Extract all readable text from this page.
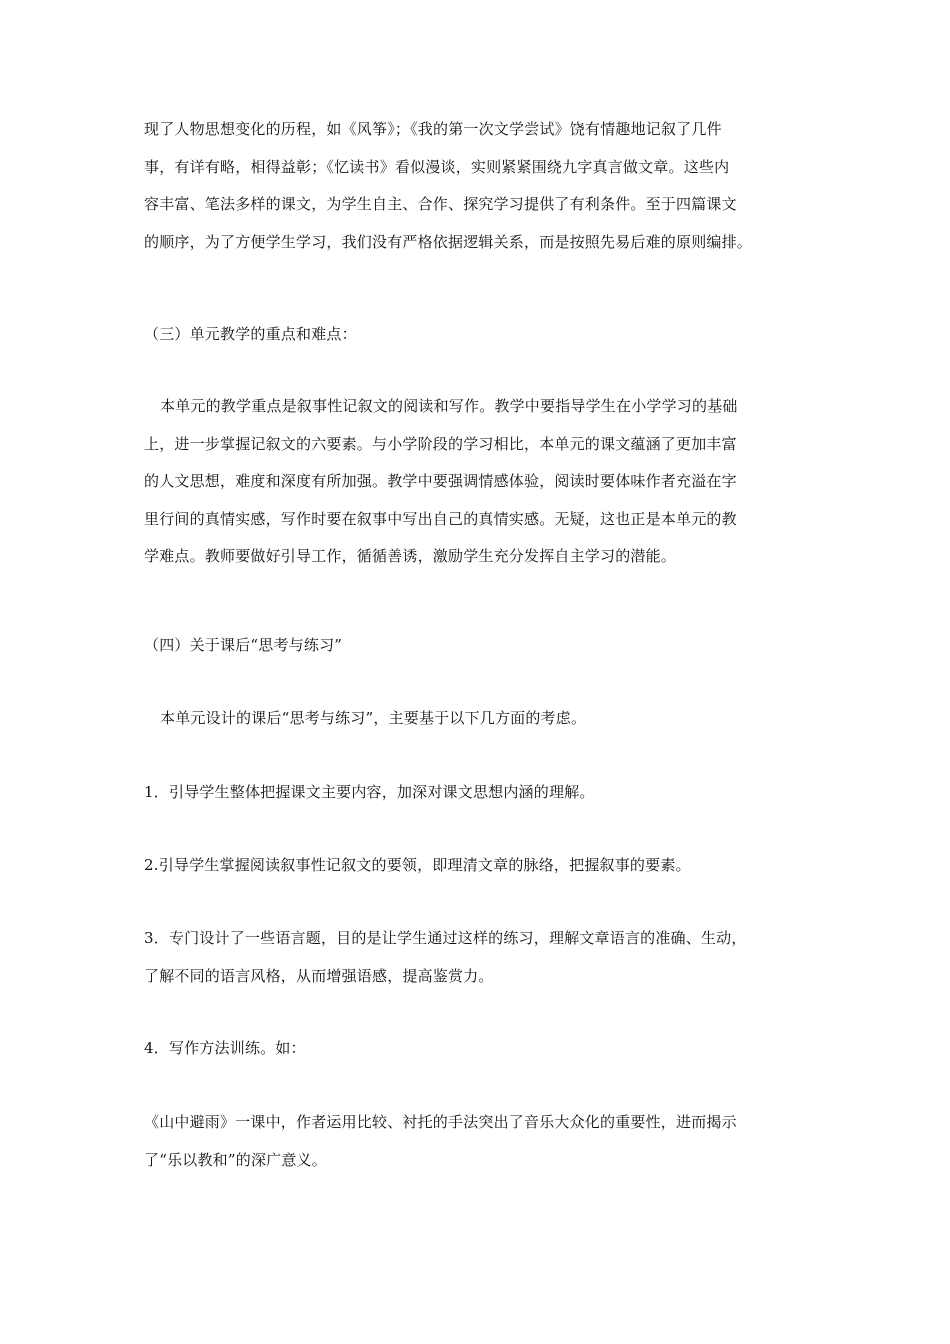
现了人物思想变化的历程，如《风筝》；《我的第一次文学尝试》饶有情趣地记叙了几件
事，有详有略，相得益彰；《忆读书》看似漫谈，实则紧紧围绕九字真言做文章。这些内
容丰富、笔法多样的课文，为学生自主、合作、探究学习提供了有利条件。至于四篇课文
的顺序，为了方便学生学习，我们没有严格依据逻辑关系，而是按照先易后难的原则编排。

（三）单元教学的重点和难点：

本单元的教学重点是叙事性记叙文的阅读和写作。教学中要指导学生在小学学习的基础
上，进一步掌握记叙文的六要素。与小学阶段的学习相比，本单元的课文蕴涵了更加丰富
的人文思想，难度和深度有所加强。教学中要强调情感体验，阅读时要体味作者充溢在字
里行间的真情实感，写作时要在叙事中写出自己的真情实感。无疑，这也正是本单元的教
学难点。教师要做好引导工作，循循善诱，激励学生充分发挥自主学习的潜能。

（四）关于课后“思考与练习”

本单元设计的课后“思考与练习”，主要基于以下几方面的考虑。

1．引导学生整体把握课文主要内容，加深对课文思想内涵的理解。

2.引导学生掌握阅读叙事性记叙文的要领，即理清文章的脉络，把握叙事的要素。

3．专门设计了一些语言题，目的是让学生通过这样的练习，理解文章语言的准确、生动，
了解不同的语言风格，从而增强语感，提高鉴赏力。

4．写作方法训练。如：

《山中避雨》一课中，作者运用比较、衬托的手法突出了音乐大众化的重要性，进而揭示
了“乐以教和”的深广意义。
